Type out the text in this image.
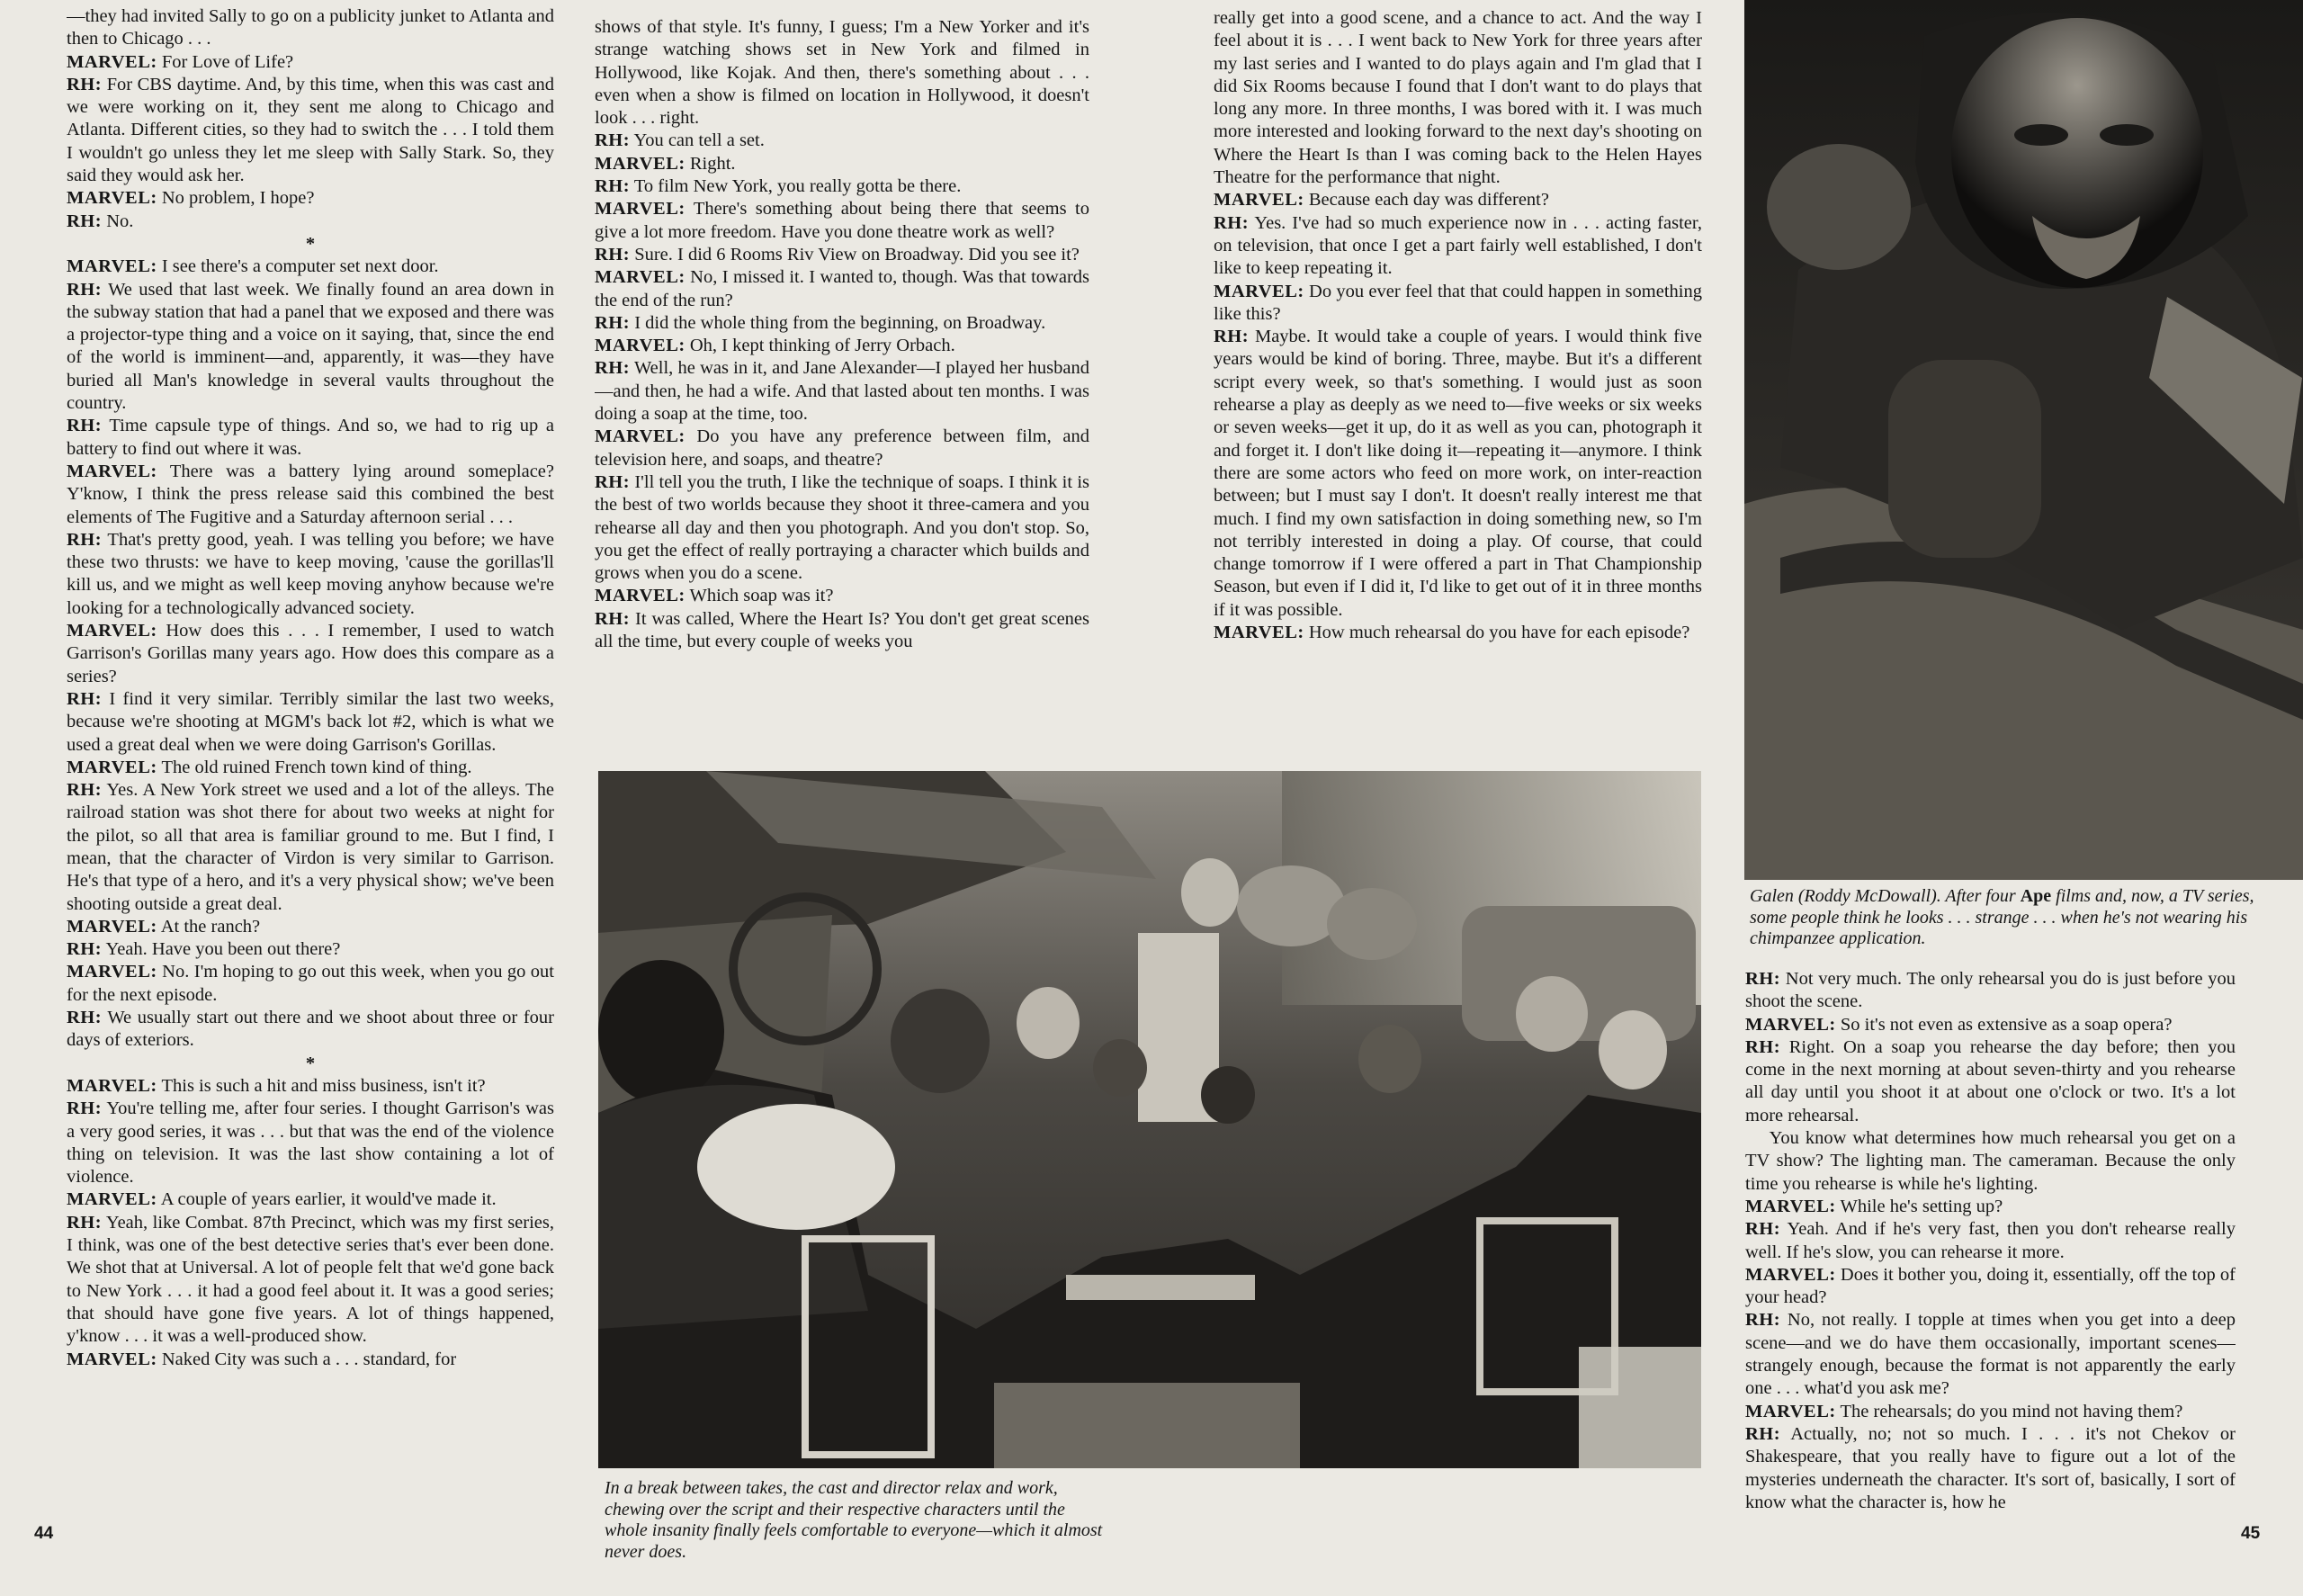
—they had invited Sally to go on a publicity junket to Atlanta and then to Chicago . . .

MARVEL: For Love of Life?

RH: For CBS daytime. And, by this time, when this was cast and we were working on it, they sent me along to Chicago and Atlanta. Different cities, so they had to switch the . . . I told them I wouldn't go unless they let me sleep with Sally Stark. So, they said they would ask her.

MARVEL: No problem, I hope?

RH: No.

*

MARVEL: I see there's a computer set next door.

RH: We used that last week. We finally found an area down in the subway station that had a panel that we exposed and there was a projector-type thing and a voice on it saying, that, since the end of the world is imminent—and, apparently, it was—they have buried all Man's knowledge in several vaults throughout the country.

RH: Time capsule type of things. And so, we had to rig up a battery to find out where it was.

MARVEL: There was a battery lying around someplace? Y'know, I think the press release said this combined the best elements of The Fugitive and a Saturday afternoon serial . . .

RH: That's pretty good, yeah. I was telling you before; we have these two thrusts: we have to keep moving, 'cause the gorillas'll kill us, and we might as well keep moving anyhow because we're looking for a technologically advanced society.

MARVEL: How does this . . . I remember, I used to watch Garrison's Gorillas many years ago. How does this compare as a series?

RH: I find it very similar. Terribly similar the last two weeks, because we're shooting at MGM's back lot #2, which is what we used a great deal when we were doing Garrison's Gorillas.

MARVEL: The old ruined French town kind of thing.

RH: Yes. A New York street we used and a lot of the alleys. The railroad station was shot there for about two weeks at night for the pilot, so all that area is familiar ground to me. But I find, I mean, that the character of Virdon is very similar to Garrison. He's that type of a hero, and it's a very physical show; we've been shooting outside a great deal.

MARVEL: At the ranch?

RH: Yeah. Have you been out there?

MARVEL: No. I'm hoping to go out this week, when you go out for the next episode.

RH: We usually start out there and we shoot about three or four days of exteriors.

*

MARVEL: This is such a hit and miss business, isn't it?

RH: You're telling me, after four series. I thought Garrison's was a very good series, it was . . . but that was the end of the violence thing on television. It was the last show containing a lot of violence.

MARVEL: A couple of years earlier, it would've made it.

RH: Yeah, like Combat. 87th Precinct, which was my first series, I think, was one of the best detective series that's ever been done. We shot that at Universal. A lot of people felt that we'd gone back to New York . . . it had a good feel about it. It was a good series; that should have gone five years. A lot of things happened, y'know . . . it was a well-produced show.

MARVEL: Naked City was such a . . . standard, for

shows of that style. It's funny, I guess; I'm a New Yorker and it's strange watching shows set in New York and filmed in Hollywood, like Kojak. And then, there's something about . . . even when a show is filmed on location in Hollywood, it doesn't look . . . right.

RH: You can tell a set.

MARVEL: Right.

RH: To film New York, you really gotta be there.

MARVEL: There's something about being there that seems to give a lot more freedom. Have you done theatre work as well?

RH: Sure. I did 6 Rooms Riv View on Broadway. Did you see it?

MARVEL: No, I missed it. I wanted to, though. Was that towards the end of the run?

RH: I did the whole thing from the beginning, on Broadway.

MARVEL: Oh, I kept thinking of Jerry Orbach.

RH: Well, he was in it, and Jane Alexander—I played her husband—and then, he had a wife. And that lasted about ten months. I was doing a soap at the time, too.

MARVEL: Do you have any preference between film, and television here, and soaps, and theatre?

RH: I'll tell you the truth, I like the technique of soaps. I think it is the best of two worlds because they shoot it three-camera and you rehearse all day and then you photograph. And you don't stop. So, you get the effect of really portraying a character which builds and grows when you do a scene.

MARVEL: Which soap was it?

RH: It was called, Where the Heart Is? You don't get great scenes all the time, but every couple of weeks you

really get into a good scene, and a chance to act. And the way I feel about it is . . . I went back to New York for three years after my last series and I wanted to do plays again and I'm glad that I did Six Rooms because I found that I don't want to do plays that long any more. In three months, I was bored with it. I was much more interested and looking forward to the next day's shooting on Where the Heart Is than I was coming back to the Helen Hayes Theatre for the performance that night.

MARVEL: Because each day was different?

RH: Yes. I've had so much experience now in . . . acting faster, on television, that once I get a part fairly well established, I don't like to keep repeating it.

MARVEL: Do you ever feel that that could happen in something like this?

RH: Maybe. It would take a couple of years. I would think five years would be kind of boring. Three, maybe. But it's a different script every week, so that's something. I would just as soon rehearse a play as deeply as we need to—five weeks or six weeks or seven weeks—get it up, do it as well as you can, photograph it and forget it. I don't like doing it—repeating it—anymore. I think there are some actors who feed on more work, on inter-reaction between; but I must say I don't. It doesn't really interest me that much. I find my own satisfaction in doing something new, so I'm not terribly interested in doing a play. Of course, that could change tomorrow if I were offered a part in That Championship Season, but even if I did it, I'd like to get out of it in three months if it was possible.

MARVEL: How much rehearsal do you have for each episode?

RH: Not very much. The only rehearsal you do is just before you shoot the scene.

MARVEL: So it's not even as extensive as a soap opera?

RH: Right. On a soap you rehearse the day before; then you come in the next morning at about seven-thirty and you rehearse all day until you shoot it at about one o'clock or two. It's a lot more rehearsal.

You know what determines how much rehearsal you get on a TV show? The lighting man. The cameraman. Because the only time you rehearse is while he's lighting.

MARVEL: While he's setting up?

RH: Yeah. And if he's very fast, then you don't rehearse really well. If he's slow, you can rehearse it more.

MARVEL: Does it bother you, doing it, essentially, off the top of your head?

RH: No, not really. I topple at times when you get into a deep scene—and we do have them occasionally, important scenes—strangely enough, because the format is not apparently the early one . . . what'd you ask me?

MARVEL: The rehearsals; do you mind not having them?

RH: Actually, no; not so much. I . . . it's not Chekov or Shakespeare, that you really have to figure out a lot of the mysteries underneath the character. It's sort of, basically, I sort of know what the character is, how he

In a break between takes, the cast and director relax and work, chewing over the script and their respective characters until the whole insanity finally feels comfortable to everyone—which it almost never does.
Galen (Roddy McDowall). After four Ape films and, now, a TV series, some people think he looks . . . strange . . . when he's not wearing his chimpanzee application.
44	45
